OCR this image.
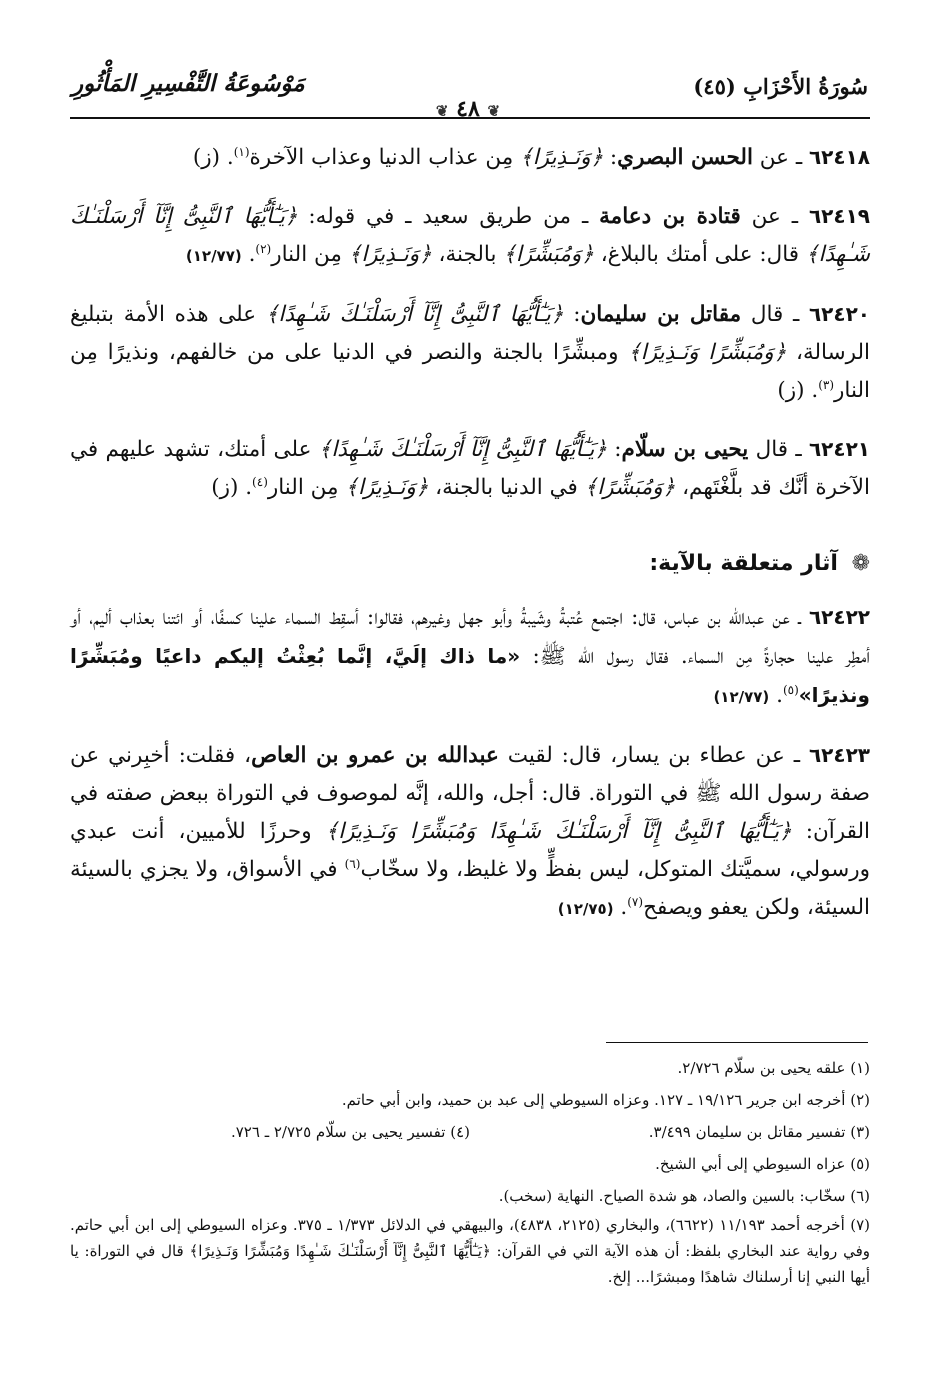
سُورَةُ الأَحْزَابِ (٤٥)
مَوْسُوعَةُ التَّفْسِيرِ المَأْثُورِ
❦ ٤٨ ❦

٦٢٤١٨ ـ عن الحسن البصري: ﴿وَنَـذِيرًا﴾ مِن عذاب الدنيا وعذاب الآخرة$^{(١)}$. (ز)

٦٢٤١٩ ـ عن قتادة بن دعامة ـ من طريق سعيد ـ في قوله: ﴿يَـٰٓأَيُّهَا ٱلنَّبِىُّ إِنَّآ أَرْسَلْنَـٰكَ شَـٰهِدًا﴾ قال: على أمتك بالبلاغ، ﴿وَمُبَشِّرًا﴾ بالجنة، ﴿وَنَـذِيرًا﴾ مِن النار$^{(٢)}$. (١٢/٧٧)

٦٢٤٢٠ ـ قال مقاتل بن سليمان: ﴿يَـٰٓأَيُّهَا ٱلنَّبِىُّ إِنَّآ أَرْسَلْنَـٰكَ شَـٰهِدًا﴾ على هذه الأمة بتبليغ الرسالة، ﴿وَمُبَشِّرًا وَنَـذِيرًا﴾ ومبشِّرًا بالجنة والنصر في الدنيا على من خالفهم، ونذيرًا مِن النار$^{(٣)}$. (ز)

٦٢٤٢١ ـ قال يحيى بن سلّام: ﴿يَـٰٓأَيُّهَا ٱلنَّبِىُّ إِنَّآ أَرْسَلْنَـٰكَ شَـٰهِدًا﴾ على أمتك، تشهد عليهم في الآخرة أنَّك قد بلَّغْتَهم، ﴿وَمُبَشِّرًا﴾ في الدنيا بالجنة، ﴿وَنَـذِيرًا﴾ مِن النار$^{(٤)}$. (ز)

❁ آثار متعلقة بالآية:

٦٢٤٢٢ ـ عن عبدالله بن عباس، قال: اجتمع عُتبةُ وشَيبةُ وأبو جهل وغيرهم، فقالوا: أسقِط السماء علينا كسفًا، أو ائتنا بعذاب أليم، أو أمطِر علينا حجارةً مِن السماء. فقال رسول الله ﷺ: «ما ذاك إلَيَّ، إنَّما بُعِثْتُ إليكم داعيًا ومُبَشِّرًا ونذيرًا»$^{(٥)}$. (١٢/٧٧)

٦٢٤٢٣ ـ عن عطاء بن يسار، قال: لقيت عبدالله بن عمرو بن العاص، فقلت: أخبِرني عن صفة رسول الله ﷺ في التوراة. قال: أجل، والله، إنَّه لموصوف في التوراة ببعض صفته في القرآن: ﴿يَـٰٓأَيُّهَا ٱلنَّبِىُّ إِنَّآ أَرْسَلْنَـٰكَ شَـٰهِدًا وَمُبَشِّرًا وَنَـذِيرًا﴾ وحرزًا للأميين، أنت عبدي ورسولي، سميَّتك المتوكل، ليس بفظٍّ ولا غليظ، ولا سخّاب$^{(٦)}$ في الأسواق، ولا يجزي بالسيئة السيئة، ولكن يعفو ويصفح$^{(٧)}$. (١٢/٧٥)

(١) علقه يحيى بن سلّام ٢/٧٢٦.
(٢) أخرجه ابن جرير ١٩/١٢٦ ـ ١٢٧. وعزاه السيوطي إلى عبد بن حميد، وابن أبي حاتم.
(٣) تفسير مقاتل بن سليمان ٣/٤٩٩.
(٤) تفسير يحيى بن سلّام ٢/٧٢٥ ـ ٧٢٦.
(٥) عزاه السيوطي إلى أبي الشيخ.
(٦) سخّاب: بالسين والصاد، هو شدة الصياح. النهاية (سخب).
(٧) أخرجه أحمد ١١/١٩٣ (٦٦٢٢)، والبخاري (٢١٢٥، ٤٨٣٨)، والبيهقي في الدلائل ١/٣٧٣ ـ ٣٧٥. وعزاه السيوطي إلى ابن أبي حاتم. وفي رواية عند البخاري بلفظ: أن هذه الآية التي في القرآن: ﴿يَـٰٓأَيُّهَا ٱلنَّبِىُّ إِنَّآ أَرْسَلْنَـٰكَ شَـٰهِدًا وَمُبَشِّرًا وَنَـذِيرًا﴾ قال في التوراة: يا أيها النبي إنا أرسلناك شاهدًا ومبشرًا... إلخ.
